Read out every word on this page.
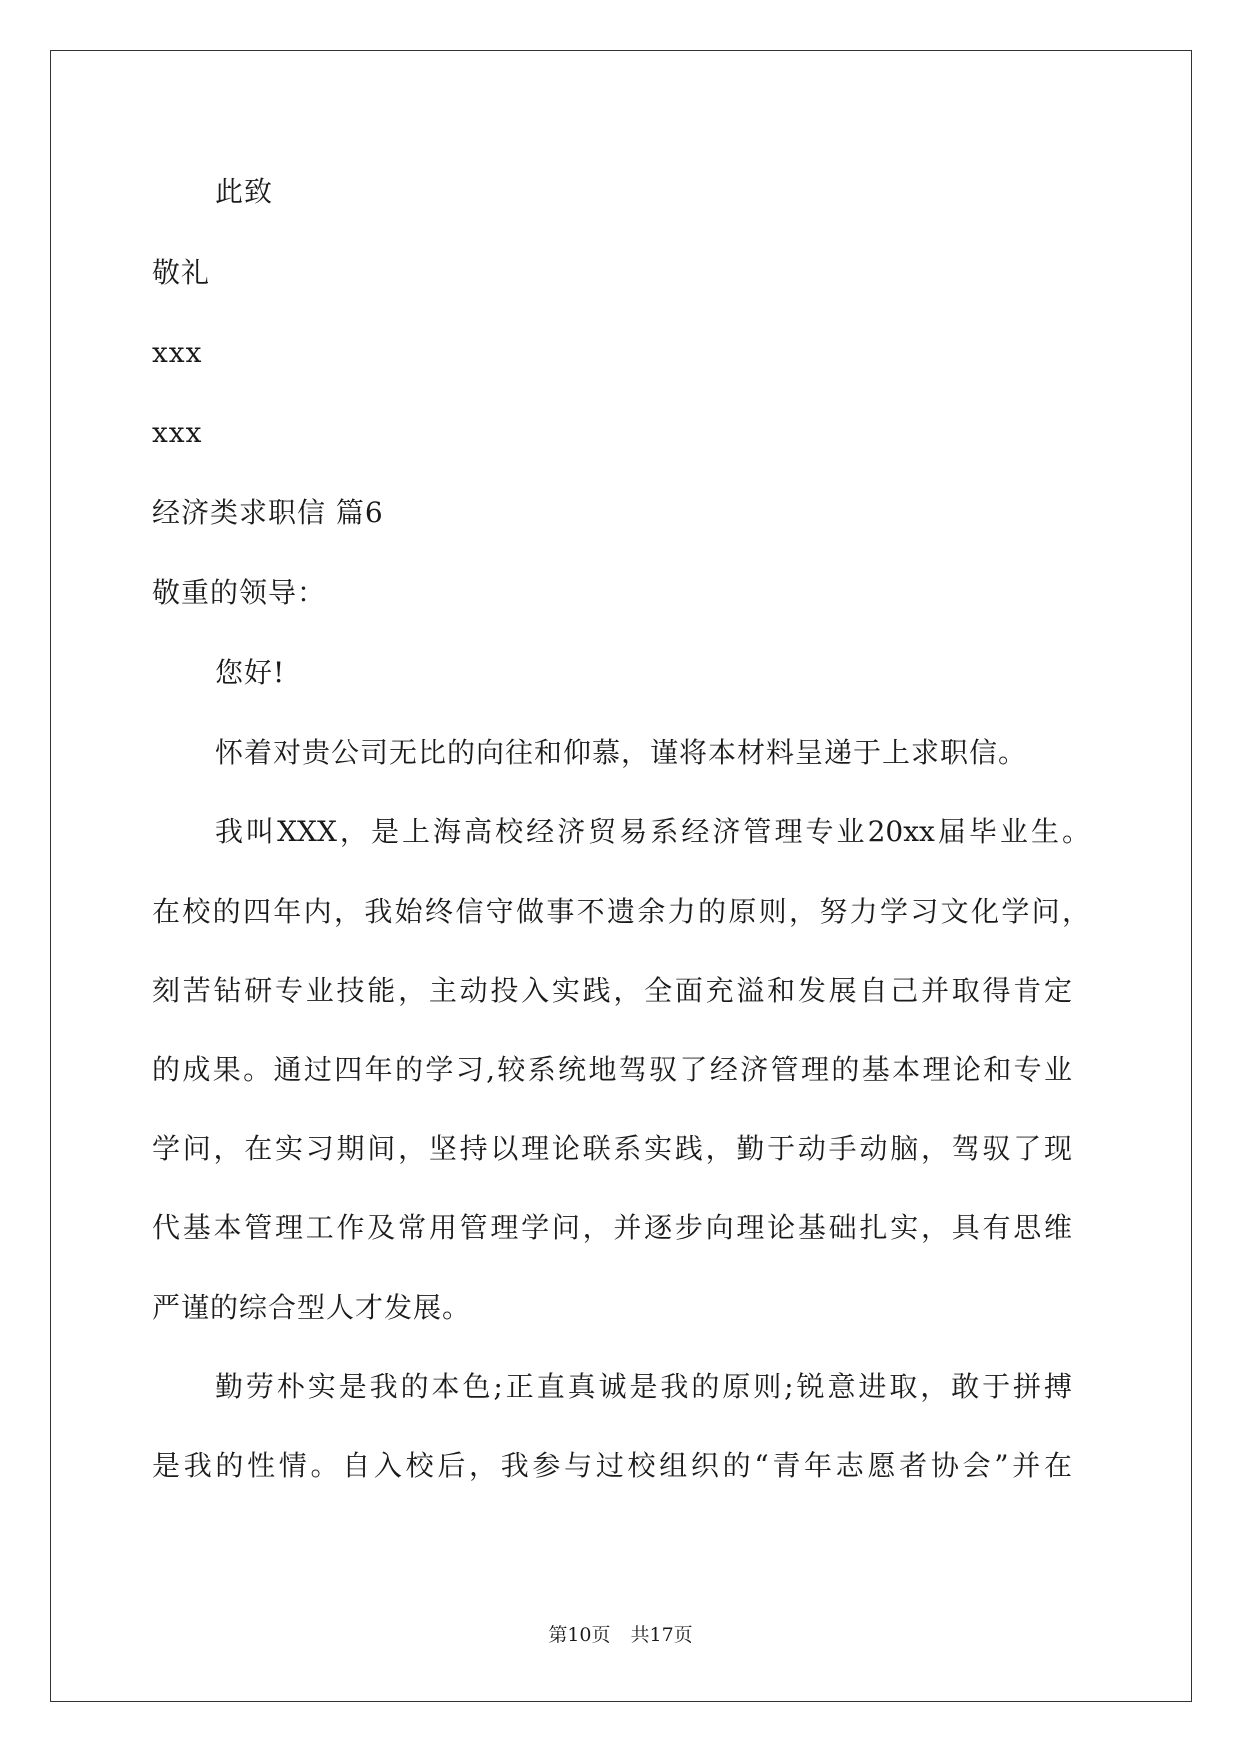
此致
敬礼
xxx
xxx
经济类求职信 篇6
敬重的领导：
您好!
怀着对贵公司无比的向往和仰慕，谨将本材料呈递于上求职信。
我叫XXX，是上海高校经济贸易系经济管理专业20xx届毕业生。
在校的四年内，我始终信守做事不遗余力的原则，努力学习文化学问，
刻苦钻研专业技能，主动投入实践，全面充溢和发展自己并取得肯定
的成果。通过四年的学习,较系统地驾驭了经济管理的基本理论和专业
学问，在实习期间，坚持以理论联系实践，勤于动手动脑，驾驭了现
代基本管理工作及常用管理学问，并逐步向理论基础扎实，具有思维
严谨的综合型人才发展。
勤劳朴实是我的本色;正直真诚是我的原则;锐意进取，敢于拼搏
是我的性情。自入校后，我参与过校组织的“青年志愿者协会”并在
第10页 共17页
